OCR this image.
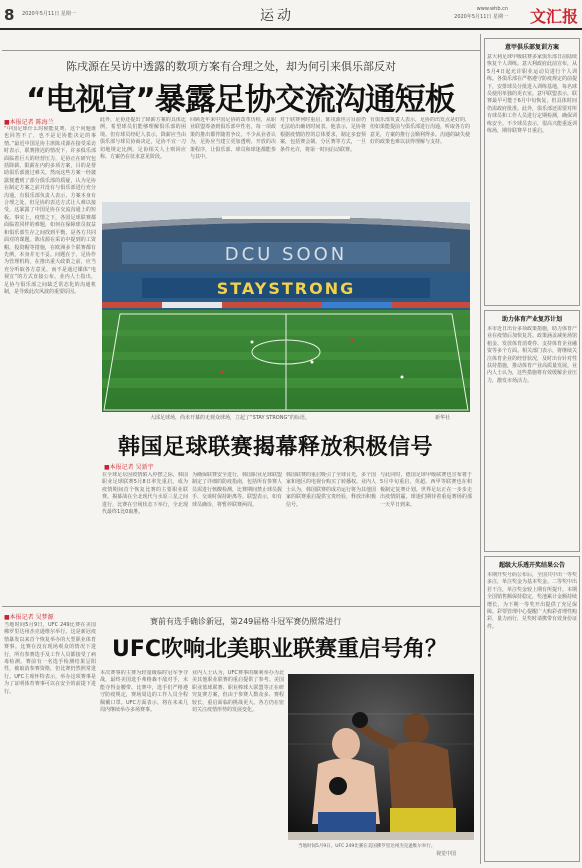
8 2020年5月11日 星期一	运动	www.whb.cn
2020年5月11日 星期一 文汇报
陈戌源在吴访中透露的数项方案有合理之处，却为何引来俱乐部反对
“电视宣”暴露足协交流沟通短板
■本报记者 陈海兰
“中国足球什么时候能复赛，这个问题谁也回答不了，也不是足协能决定的事情。”最近中国足协主席陈戌源在接受采访时表示，联赛推迟的情况下，许多俱乐部面临着巨大的经营压力，足协正在研究包括降薪、限薪在内的多项方案，目的是帮助俱乐部渡过难关。然而这些方案一经披露便遭到了部分俱乐部的质疑，认为足协在制定方案之前并没有与俱乐部进行充分沟通。有俱乐部负责人表示，方案本身有合理之处，但足协的表达方式让人难以接受，这暴露了中国足协在交流沟通上的短板。事实上，疫情之下，各国足球联赛都面临着同样的难题，如何在保障球员权益和俱乐部生存之间找到平衡，是各方共同面对的课题。陈戌源在采访中提到的工资帽、投资帽等措施，在欧洲多个联赛都有先例，本身并无不妥。问题在于，足协作为管理机构，在推出重大政策之前，应当充分听取各方意见，而不是通过媒体“电视宣”的方式直接公布。业内人士指出，足协与俱乐部之间缺乏常态化的沟通机制，是导致此次风波的重要原因。
此外，足协还提出了降薪方案的具体比例，希望球员们能够理解俱乐部的困境。但有球员经纪人表示，降薪应当由俱乐部与球员协商决定，足协不宜一刀切地规定比例。足协相关人士则回应称，方案仍在征求意见阶段。
回顾近年来中国足协的改革历程，从职业联盟筹备到俱乐部中性名，每一项政策的推出都伴随着争议。不少从业者认为，足协应当建立更加透明、开放的决策程序，让俱乐部、球员和球迷都能参与其中。
对于联赛何时重启，陈戌源坦言目前仍无法给出确切时间表。他表示，足协将根据疫情防控的总体要求，制定多套预案，包括赛会制、分区赛等方式，一旦条件允许，将第一时间启动联赛。
有俱乐部负责人表示，足协的出发点是好的，但如果能提前与俱乐部进行沟通，听取各方的意见，方案的推行会顺利得多。沟通的缺失使好的政策也难以获得理解与支持。
DCU SOON
STAYSTRONG
大邱足球场，尚未开幕的无观众球场，立起了“STAY STRONG”的标语。	新华社
韩国足球联赛揭幕释放积极信号
■本报记者 吴新宇
在全球足坛因疫情陷入停摆之际，韩国职业足球联赛5月8日率先重启，成为疫情期间首个恢复比赛的主要职业联赛。揭幕战在全北现代与水原三星之间进行，比赛在空场状态下举行，全北现代最终1比0取胜。
为确保联赛安全进行，韩国职业足球联盟制定了详细的防疫指南，包括所有参赛人员需进行核酸检测，比赛期间禁止球员握手、交谈时保持距离等。联盟表示，如有球员确诊，将暂停联赛两周。
韩国联赛的重启吸引了全球目光，多个国家和地区的电视台购买了转播权。业内人士认为，韩国联赛的成功运行将为其他国家的联赛重启提供宝贵经验，释放出积极信号。
与此同时，德国足球甲级联赛也宣布将于5月中旬重启，英超、西甲等联赛也在积极制定复赛计划。世界足坛正在一步步走出疫情阴霾，球迷们期待着重返赛场的那一天早日到来。
意甲俱乐部复训方案
意大利足球甲级联赛多家俱乐部日前陆续恢复个人训练。意大利政府此前宣布，从5月4日起允许职业运动员进行个人训练。各俱乐部在严格遵守防疫规定的前提下，安排球员分批进入训练基地，每名球员使用单独的更衣室。意甲联盟表示，联赛最早可能于6月中旬恢复，但具体时间仍需政府批准。此外，俱乐部还需要对所有球员和工作人员进行定期检测，确保训练安全。不少球员表示，很高兴能重返训练场，期待联赛早日重启。
助力体育产业复苏计划
本市近日出台多项政策措施，助力体育产业在疫情后加快复苏。政策涵盖减免场馆租金、发放体育消费券、支持体育企业融资等多个方面。相关部门表示，将继续关注体育企业的经营状况，及时出台针对性扶持措施，推动体育产业高质量发展。业内人士认为，这些措施将有效缓解企业压力，激发市场活力。
超级大乐透开奖结果公告
本期开奖号码公布后，全国共中出一等奖多注，单注奖金为基本奖金。二等奖中出若干注，单注奖金较上期有所提升。本期全国销售额保持稳定，奖池累计金额持续增长，为下期一等奖开出提供了充足保障。彩票管理中心提醒广大购彩者理性购彩，量力而行，兑奖时请携带有效身份证件。
赛前有选手确诊新冠，第249届格斗冠军赛仍照常进行
UFC吹响北美职业联赛重启号角？
■本报记者 吴梦源
当地时间5月9日，UFC 249比赛在美国佛罗里达州杰克逊维尔举行，这是新冠疫情暴发以来首个恢复举办的大型职业体育赛事。比赛在没有现场观众的情况下进行，所有参赛选手及工作人员都接受了病毒检测。赛前有一名选手检测结果呈阳性，被取消参赛资格，但比赛仍然照常进行。UFC主席怀特表示，举办这项赛事是为了证明体育赛事可以在安全的前提下进行。
本次赛事的主赛为轻量级临时冠军争夺战，最终美国选手弗格森不敌对手，未能夺得金腰带。比赛中，选手们严格遵守防疫规定，赛场周边的工作人员全程佩戴口罩。UFC方面表示，将在未来几周内继续举办多场赛事。
业内人士认为，UFC赛事的顺利举办为北美其他职业联赛的重启提供了参考。美国职业篮球联赛、职业棒球大联盟等正在研究复赛方案，但由于参赛人数众多、赛程较长，重启面临的挑战更大。各方仍在密切关注疫情形势的发展变化。
当地时间5月9日，UFC 249比赛在美国佛罗里达州杰克逊维尔举行。
视觉中国
